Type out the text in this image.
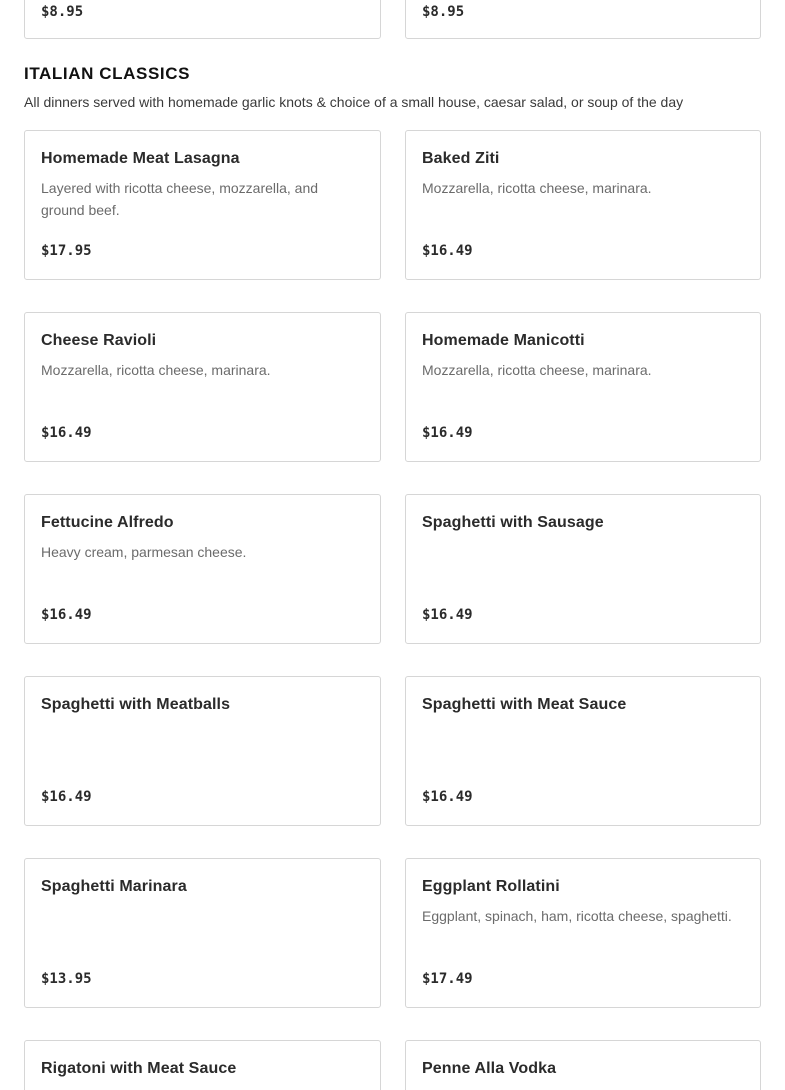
$8.95	$8.95
ITALIAN CLASSICS

All dinners served with homemade garlic knots & choice of a small house, caesar salad, or soup of the day

Homemade Meat Lasagna
Layered with ricotta cheese, mozzarella, and ground beef.
$17.95
Baked Ziti
Mozzarella, ricotta cheese, marinara.
$16.49
Cheese Ravioli
Mozzarella, ricotta cheese, marinara.
$16.49
Homemade Manicotti
Mozzarella, ricotta cheese, marinara.
$16.49
Fettucine Alfredo
Heavy cream, parmesan cheese.
$16.49
Spaghetti with Sausage
$16.49
Spaghetti with Meatballs
$16.49
Spaghetti with Meat Sauce
$16.49
Spaghetti Marinara
$13.95
Eggplant Rollatini
Eggplant, spinach, ham, ricotta cheese, spaghetti.
$17.49
Rigatoni with Meat Sauce	Penne Alla Vodka
